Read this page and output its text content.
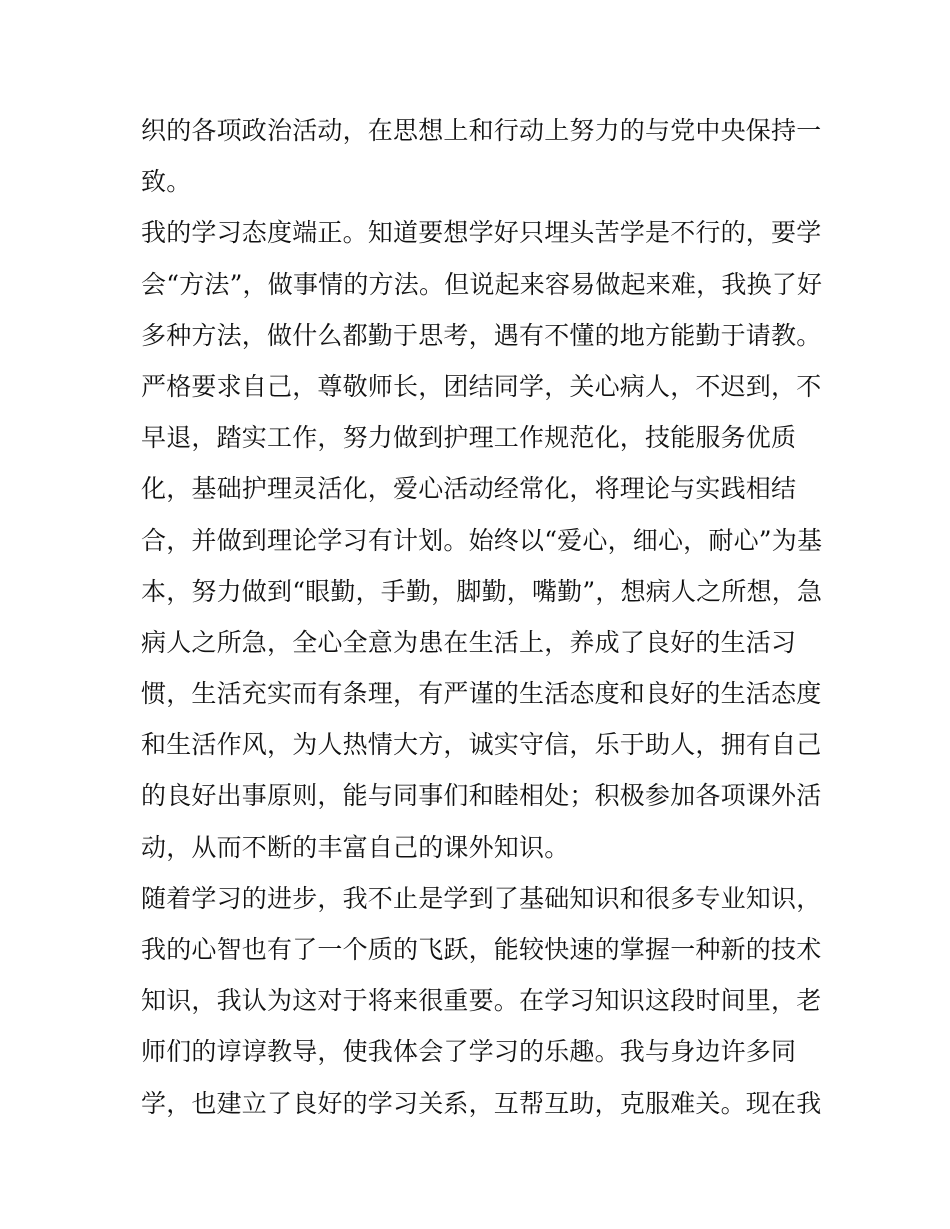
织的各项政治活动，在思想上和行动上努力的与党中央保持一
致。
我的学习态度端正。知道要想学好只埋头苦学是不行的，要学
会“方法”，做事情的方法。但说起来容易做起来难，我换了好
多种方法，做什么都勤于思考，遇有不懂的地方能勤于请教。
严格要求自己，尊敬师长，团结同学，关心病人，不迟到，不
早退，踏实工作，努力做到护理工作规范化，技能服务优质
化，基础护理灵活化，爱心活动经常化，将理论与实践相结
合，并做到理论学习有计划。始终以“爱心，细心，耐心”为基
本，努力做到“眼勤，手勤，脚勤，嘴勤”，想病人之所想，急
病人之所急，全心全意为患在生活上，养成了良好的生活习
惯，生活充实而有条理，有严谨的生活态度和良好的生活态度
和生活作风，为人热情大方，诚实守信，乐于助人，拥有自己
的良好出事原则，能与同事们和睦相处；积极参加各项课外活
动，从而不断的丰富自己的课外知识。
随着学习的进步，我不止是学到了基础知识和很多专业知识，
我的心智也有了一个质的飞跃，能较快速的掌握一种新的技术
知识，我认为这对于将来很重要。在学习知识这段时间里，老
师们的谆谆教导，使我体会了学习的乐趣。我与身边许多同
学，也建立了良好的学习关系，互帮互助，克服难关。现在我
